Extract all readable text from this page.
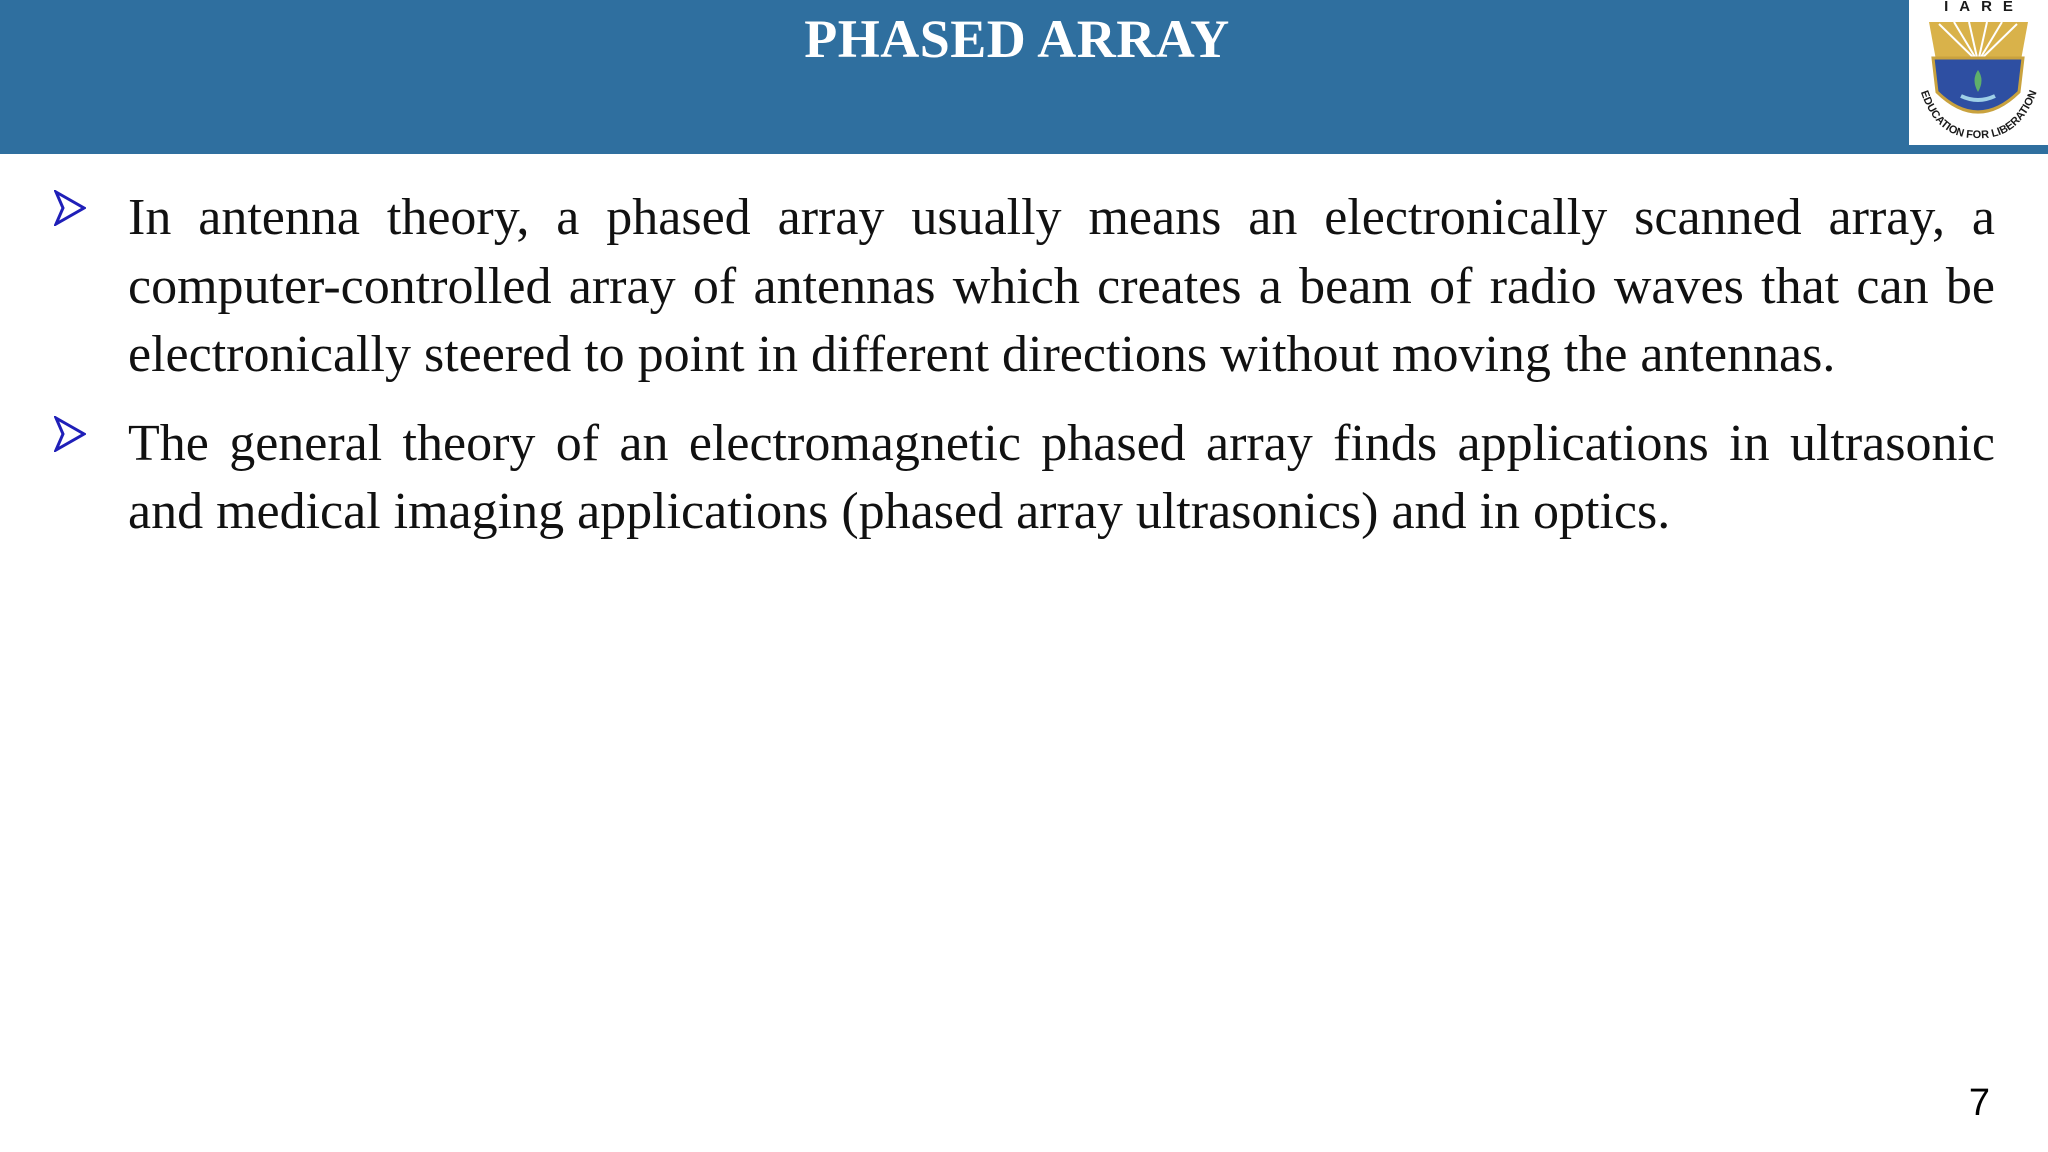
PHASED ARRAY
EDUCATION FOR LIBERATION
IARE
In antenna theory, a phased array usually means an electronically scanned array, a computer-controlled array of antennas which creates a beam of radio waves that can be electronically steered to point in different directions without moving the antennas.
The general theory of an electromagnetic phased array finds applications in ultrasonic and medical imaging applications (phased array ultrasonics) and in optics.
7
